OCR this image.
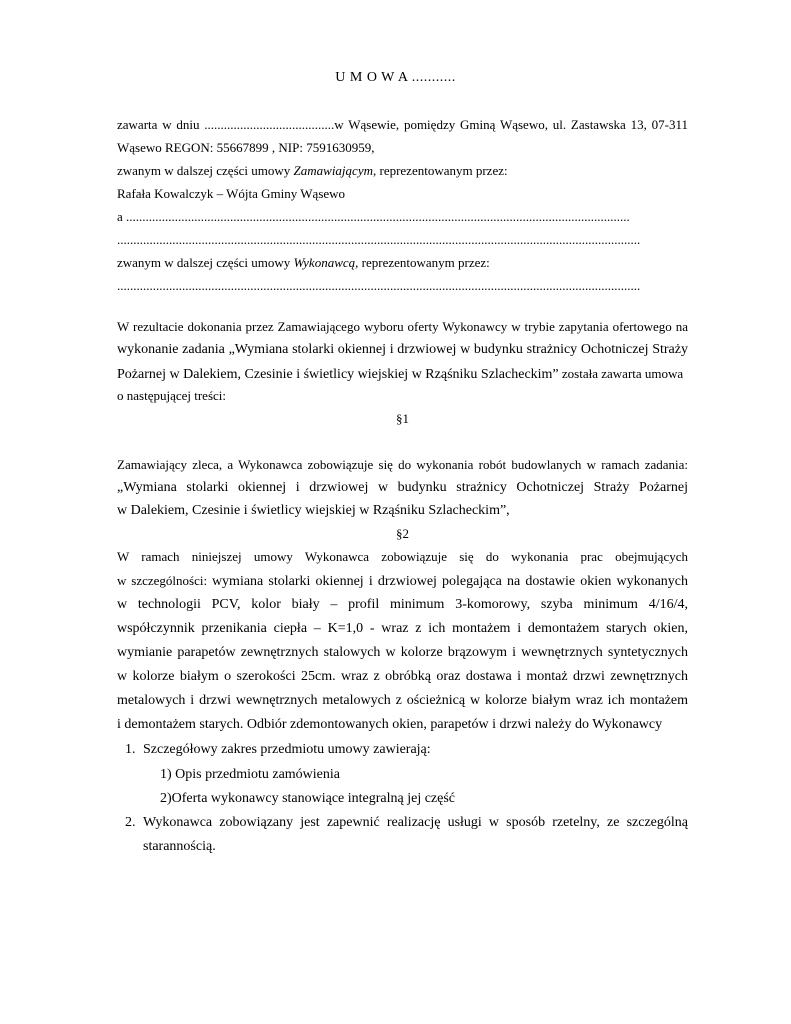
U M O W A ...........
zawarta w dniu ........................................w Wąsewie, pomiędzy Gminą Wąsewo, ul. Zastawska 13, 07-311
Wąsewo REGON: 55667899 , NIP: 7591630959,
zwanym w dalszej części umowy Zamawiającym, reprezentowanym przez:
Rafała Kowalczyk – Wójta Gminy Wąsewo
a ...........................................................................................................................................................
.................................................................................................................................................................
zwanym w dalszej części umowy Wykonawcą, reprezentowanym przez:
.................................................................................................................................................................
W rezultacie dokonania przez Zamawiającego wyboru oferty Wykonawcy w trybie zapytania ofertowego na
wykonanie zadania „Wymiana stolarki okiennej i drzwiowej w budynku strażnicy Ochotniczej Straży
Pożarnej w Dalekiem, Czesinie i świetlicy wiejskiej w Rząśniku Szlacheckim” została zawarta umowa
o następującej treści:
§1
Zamawiający zleca, a Wykonawca zobowiązuje się do wykonania robót budowlanych w ramach zadania:
„Wymiana stolarki okiennej i drzwiowej w budynku strażnicy Ochotniczej Straży Pożarnej
w Dalekiem, Czesinie i świetlicy wiejskiej w Rząśniku Szlacheckim”,
§2
W ramach niniejszej umowy Wykonawca zobowiązuje się do wykonania prac obejmujących
w szczególności: wymiana stolarki okiennej i drzwiowej polegająca na dostawie okien wykonanych
w technologii PCV, kolor biały – profil minimum 3-komorowy, szyba minimum 4/16/4,
współczynnik przenikania ciepła – K=1,0 - wraz z ich montażem i demontażem starych okien,
wymianie parapetów zewnętrznych stalowych w kolorze brązowym i wewnętrznych syntetycznych
w kolorze białym o szerokości 25cm. wraz z obróbką oraz dostawa i montaż drzwi zewnętrznych
metalowych i drzwi wewnętrznych metalowych z ościeżnicą w kolorze białym wraz ich montażem
i demontażem starych. Odbiór zdemontowanych okien, parapetów i drzwi należy do Wykonawcy
1. Szczegółowy zakres przedmiotu umowy zawierają:
1) Opis przedmiotu zamówienia
2)Oferta wykonawcy stanowiące integralną jej część
2. Wykonawca zobowiązany jest zapewnić realizację usługi w sposób rzetelny, ze szczególną
starannością.
